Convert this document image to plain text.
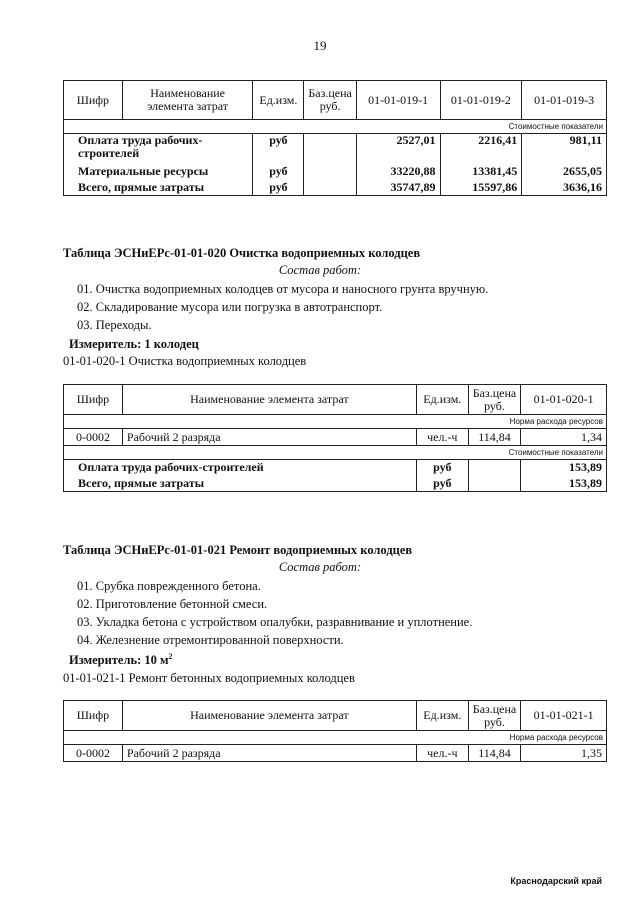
19
Шифр	Наименование элемента затрат	Ед.изм.	Баз.цена руб.	01-01-019-1	01-01-019-2	01-01-019-3
Стоимостные показатели						
Оплата труда рабочих-строителей		руб		2527,01	2216,41	981,11
Материальные ресурсы		руб		33220,88	13381,45	2655,05
Всего, прямые затраты		руб		35747,89	15597,86	3636,16
Таблица ЭСНиЕРс-01-01-020 Очистка водоприемных колодцев
Состав работ:
01. Очистка водоприемных колодцев от мусора и наносного грунта вручную.
02. Складирование мусора или погрузка в автотранспорт.
03. Переходы.
Измеритель: 1 колодец
01-01-020-1 Очистка водоприемных колодцев
Шифр	Наименование элемента затрат	Ед.изм.	Баз.цена руб.	01-01-020-1
Норма расхода ресурсов				
0-0002	Рабочий 2 разряда	чел.-ч	114,84	1,34
Стоимостные показатели				
Оплата труда рабочих-строителей		руб		153,89
Всего, прямые затраты		руб		153,89
Таблица ЭСНиЕРс-01-01-021 Ремонт водоприемных колодцев
Состав работ:
01. Срубка поврежденного бетона.
02. Приготовление бетонной смеси.
03. Укладка бетона с устройством опалубки, разравнивание и уплотнение.
04. Железнение отремонтированной поверхности.
Измеритель: 10 $м^2$
01-01-021-1 Ремонт бетонных водоприемных колодцев
Шифр	Наименование элемента затрат	Ед.изм.	Баз.цена руб.	01-01-021-1
Норма расхода ресурсов				
0-0002	Рабочий 2 разряда	чел.-ч	114,84	1,35
Краснодарский край
